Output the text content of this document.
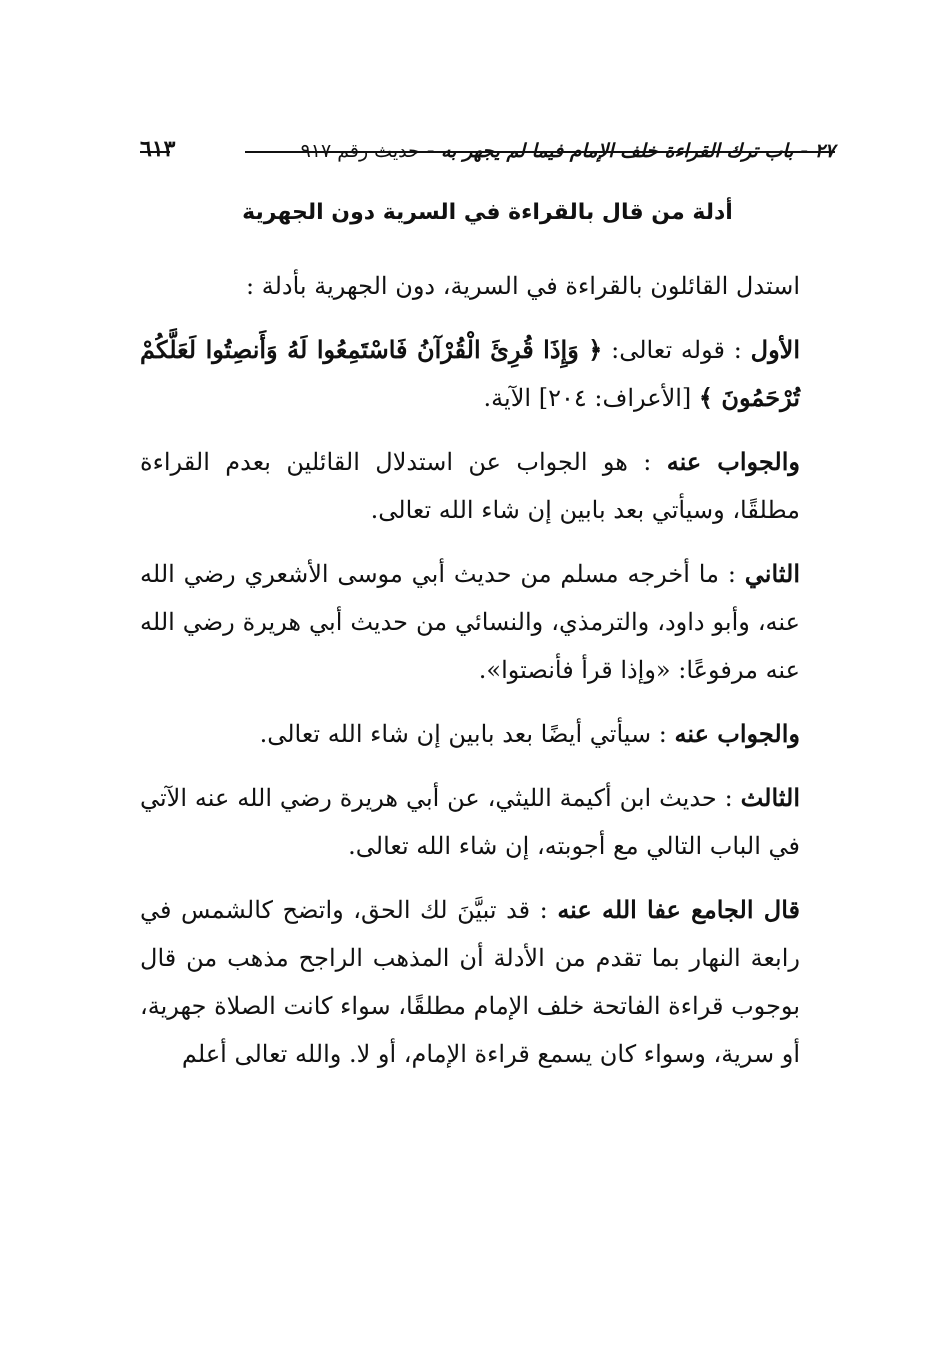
٢٧ - باب ترك القراءة خلف الإمام فيما لم يجهر به - حديث رقم ٩١٧
٦١٣
أدلة من قال بالقراءة في السرية دون الجهرية

استدل القائلون بالقراءة في السرية، دون الجهرية بأدلة :

الأول : قوله تعالى: ﴿ وَإِذَا قُرِئَ الْقُرْآنُ فَاسْتَمِعُوا لَهُ وَأَنصِتُوا لَعَلَّكُمْ تُرْحَمُونَ ﴾ [الأعراف: ٢٠٤] الآية.

والجواب عنه : هو الجواب عن استدلال القائلين بعدم القراءة مطلقًا، وسيأتي بعد بابين إن شاء الله تعالى.

الثاني : ما أخرجه مسلم من حديث أبي موسى الأشعري رضي الله عنه، وأبو داود، والترمذي، والنسائي من حديث أبي هريرة رضي الله عنه مرفوعًا: «وإذا قرأ فأنصتوا».

والجواب عنه : سيأتي أيضًا بعد بابين إن شاء الله تعالى.

الثالث : حديث ابن أكيمة الليثي، عن أبي هريرة رضي الله عنه الآتي في الباب التالي مع أجوبته، إن شاء الله تعالى.

قال الجامع عفا الله عنه : قد تبيَّنَ لك الحق، واتضح كالشمس في رابعة النهار بما تقدم من الأدلة أن المذهب الراجح مذهب من قال بوجوب قراءة الفاتحة خلف الإمام مطلقًا، سواء كانت الصلاة جهرية، أو سرية، وسواء كان يسمع قراءة الإمام، أو لا. والله تعالى أعلم
